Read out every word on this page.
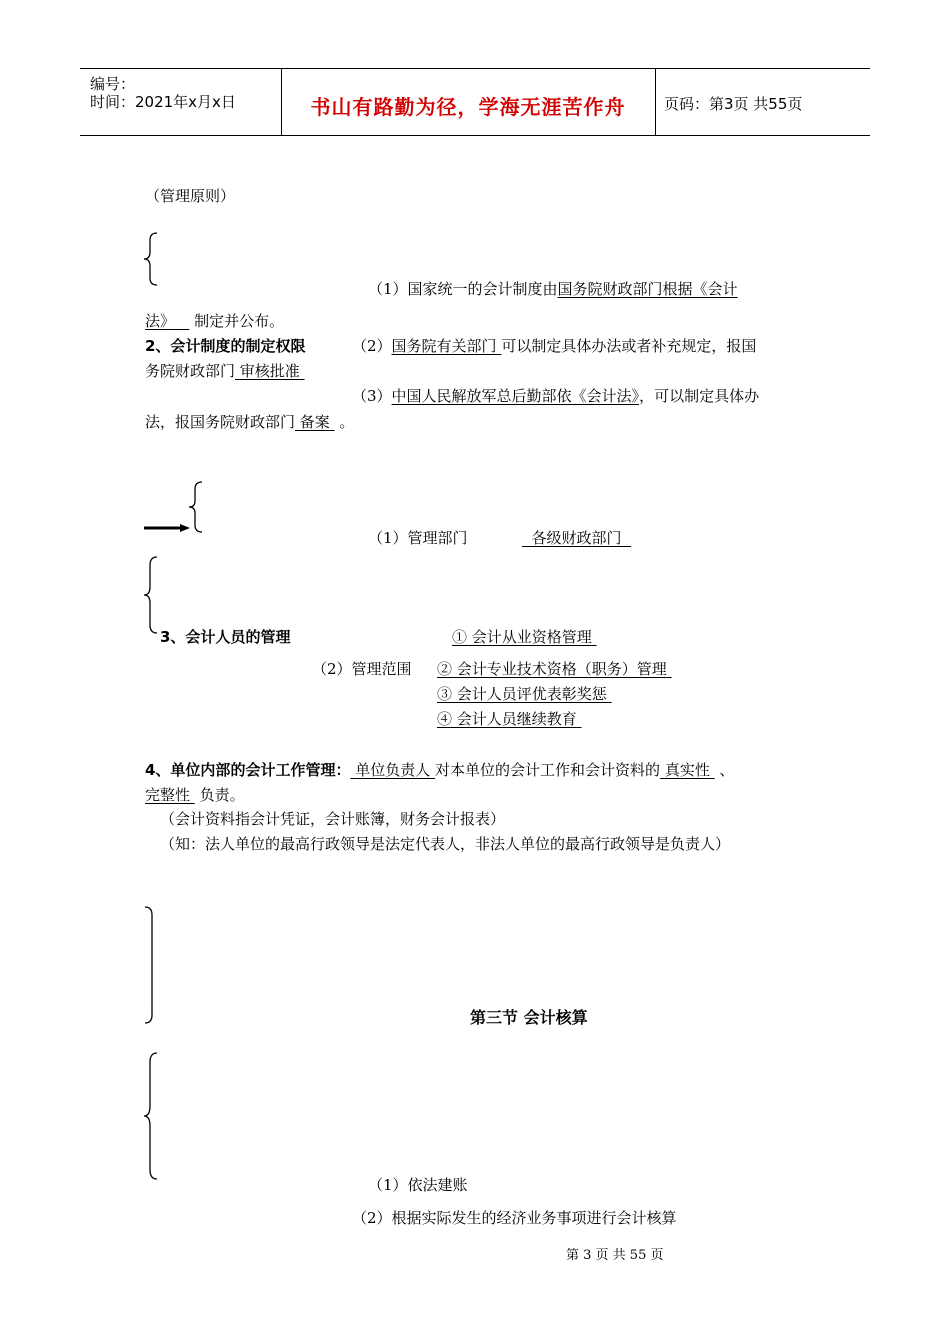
编号：
时间：2021年x月x日	书山有路勤为径，学海无涯苦作舟	页码：第3页 共55页
（管理原则）
（1）国家统一的会计制度由国务院财政部门根据《会计
法》 制定并公布。
2、会计制度的制定权限	（2）国务院有关部门 可以制定具体办法或者补充规定，报国
务院财政部门 审核批准
（3）中国人民解放军总后勤部依《会计法》，可以制定具体办
法，报国务院财政部门 备案 。
（1）管理部门	各级财政部门
3、会计人员的管理	① 会计从业资格管理
（2）管理范围 ② 会计专业技术资格（职务）管理
③ 会计人员评优表彰奖惩
④ 会计人员继续教育
4、单位内部的会计工作管理： 单位负责人 对本单位的会计工作和会计资料的 真实性 、
完整性 负责。
（会计资料指会计凭证，会计账簿，财务会计报表）
（知：法人单位的最高行政领导是法定代表人，非法人单位的最高行政领导是负责人）
第三节 会计核算
（1）依法建账
（2）根据实际发生的经济业务事项进行会计核算
第 3 页 共 55 页
